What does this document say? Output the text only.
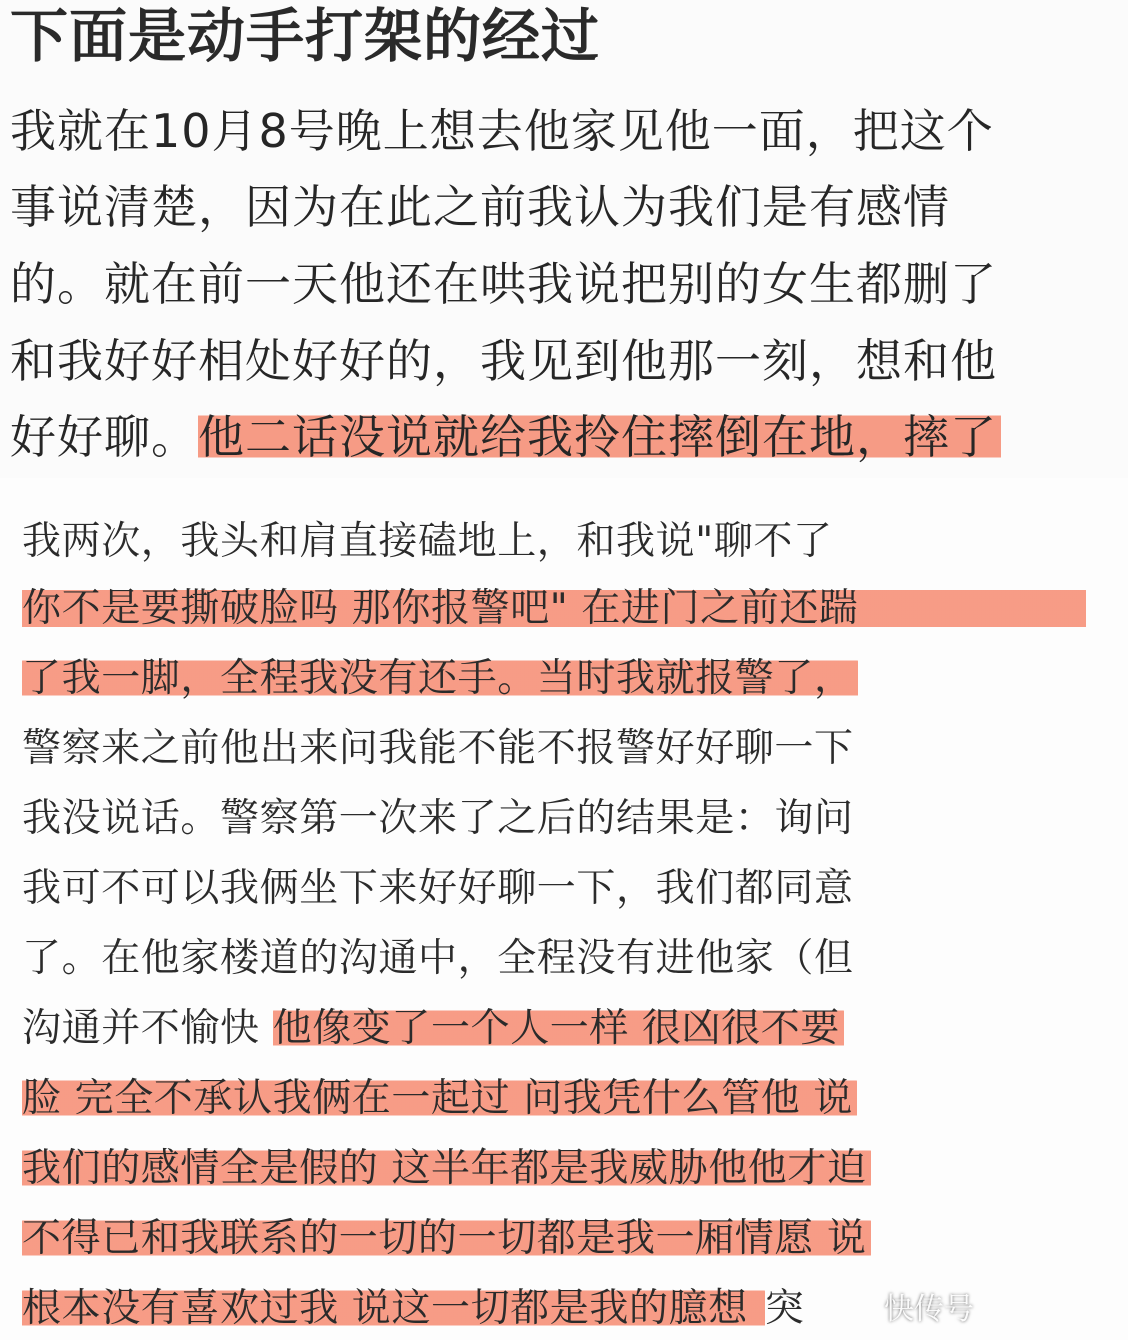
下面是动手打架的经过
我就在10月8号晚上想去他家见他一面，把这个
事说清楚，因为在此之前我认为我们是有感情
的。就在前一天他还在哄我说把别的女生都删了
和我好好相处好好的，我见到他那一刻，想和他
好好聊。他二话没说就给我拎住摔倒在地，摔了
我两次，我头和肩直接磕地上，和我说"聊不了
你不是要撕破脸吗 那你报警吧" 在进门之前还踹
了我一脚，全程我没有还手。当时我就报警了，
警察来之前他出来问我能不能不报警好好聊一下
我没说话。警察第一次来了之后的结果是：询问
我可不可以我俩坐下来好好聊一下，我们都同意
了。在他家楼道的沟通中，全程没有进他家（但
沟通并不愉快 他像变了一个人一样 很凶很不要
脸 完全不承认我俩在一起过 问我凭什么管他 说
我们的感情全是假的 这半年都是我威胁他他才迫
不得已和我联系的一切的一切都是我一厢情愿 说
根本没有喜欢过我 说这一切都是我的臆想 突	快传号
